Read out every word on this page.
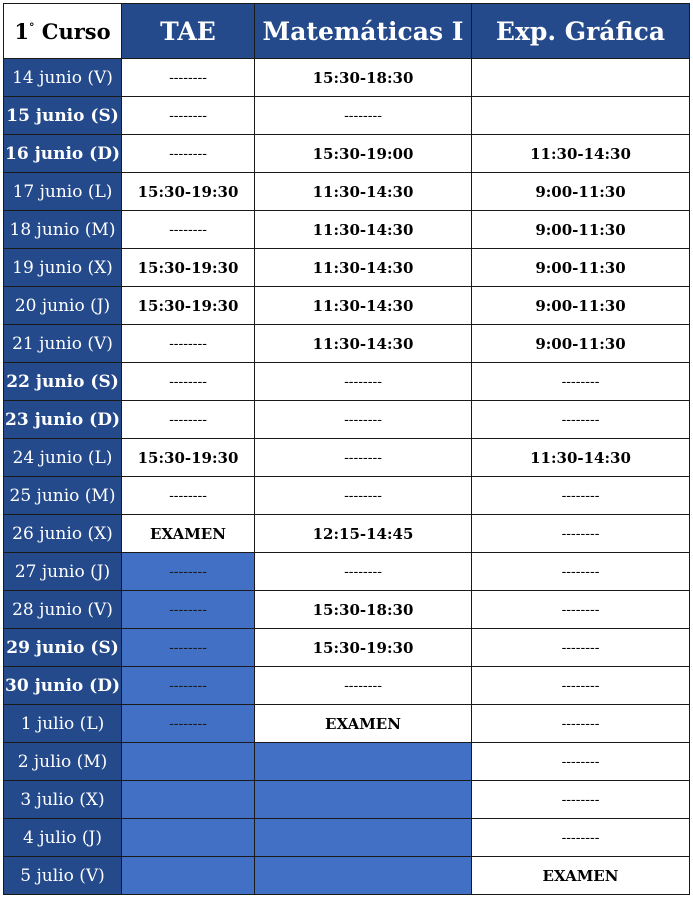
1° Curso	TAE	Matemáticas I	Exp. Gráfica
14 junio (V)	--------	15:30-18:30	
15 junio (S)	--------	--------	
16 junio (D)	--------	15:30-19:00	11:30-14:30
17 junio (L)	15:30-19:30	11:30-14:30	9:00-11:30
18 junio (M)	--------	11:30-14:30	9:00-11:30
19 junio (X)	15:30-19:30	11:30-14:30	9:00-11:30
20 junio (J)	15:30-19:30	11:30-14:30	9:00-11:30
21 junio (V)	--------	11:30-14:30	9:00-11:30
22 junio (S)	--------	--------	--------
23 junio (D)	--------	--------	--------
24 junio (L)	15:30-19:30	--------	11:30-14:30
25 junio (M)	--------	--------	--------
26 junio (X)	EXAMEN	12:15-14:45	--------
27 junio (J)	--------	--------	--------
28 junio (V)	--------	15:30-18:30	--------
29 junio (S)	--------	15:30-19:30	--------
30 junio (D)	--------	--------	--------
1 julio (L)	--------	EXAMEN	--------
2 julio (M)			--------
3 julio (X)			--------
4 julio (J)			--------
5 julio (V)			EXAMEN
